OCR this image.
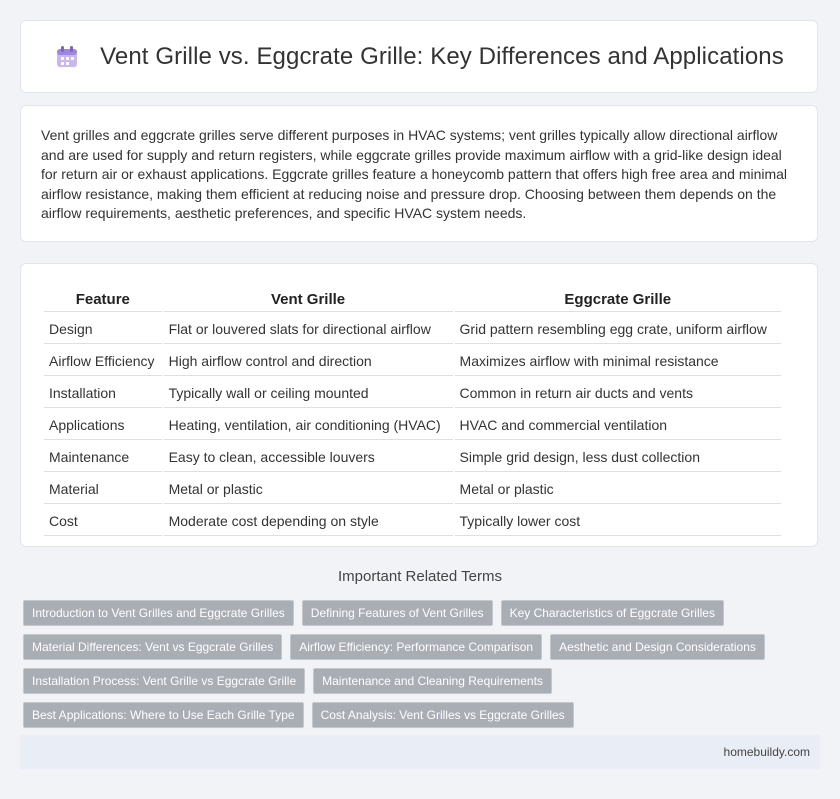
Vent Grille vs. Eggcrate Grille: Key Differences and Applications

Vent grilles and eggcrate grilles serve different purposes in HVAC systems; vent grilles typically allow directional airflow and are used for supply and return registers, while eggcrate grilles provide maximum airflow with a grid-like design ideal for return air or exhaust applications. Eggcrate grilles feature a honeycomb pattern that offers high free area and minimal airflow resistance, making them efficient at reducing noise and pressure drop. Choosing between them depends on the airflow requirements, aesthetic preferences, and specific HVAC system needs.

Feature	Vent Grille	Eggcrate Grille
Design	Flat or louvered slats for directional airflow	Grid pattern resembling egg crate, uniform airflow
Airflow Efficiency	High airflow control and direction	Maximizes airflow with minimal resistance
Installation	Typically wall or ceiling mounted	Common in return air ducts and vents
Applications	Heating, ventilation, air conditioning (HVAC)	HVAC and commercial ventilation
Maintenance	Easy to clean, accessible louvers	Simple grid design, less dust collection
Material	Metal or plastic	Metal or plastic
Cost	Moderate cost depending on style	Typically lower cost
Important Related Terms
Introduction to Vent Grilles and Eggcrate Grilles	Defining Features of Vent Grilles	Key Characteristics of Eggcrate Grilles
Material Differences: Vent vs Eggcrate Grilles	Airflow Efficiency: Performance Comparison	Aesthetic and Design Considerations
Installation Process: Vent Grille vs Eggcrate Grille	Maintenance and Cleaning Requirements
Best Applications: Where to Use Each Grille Type	Cost Analysis: Vent Grilles vs Eggcrate Grilles
homebuildy.com
